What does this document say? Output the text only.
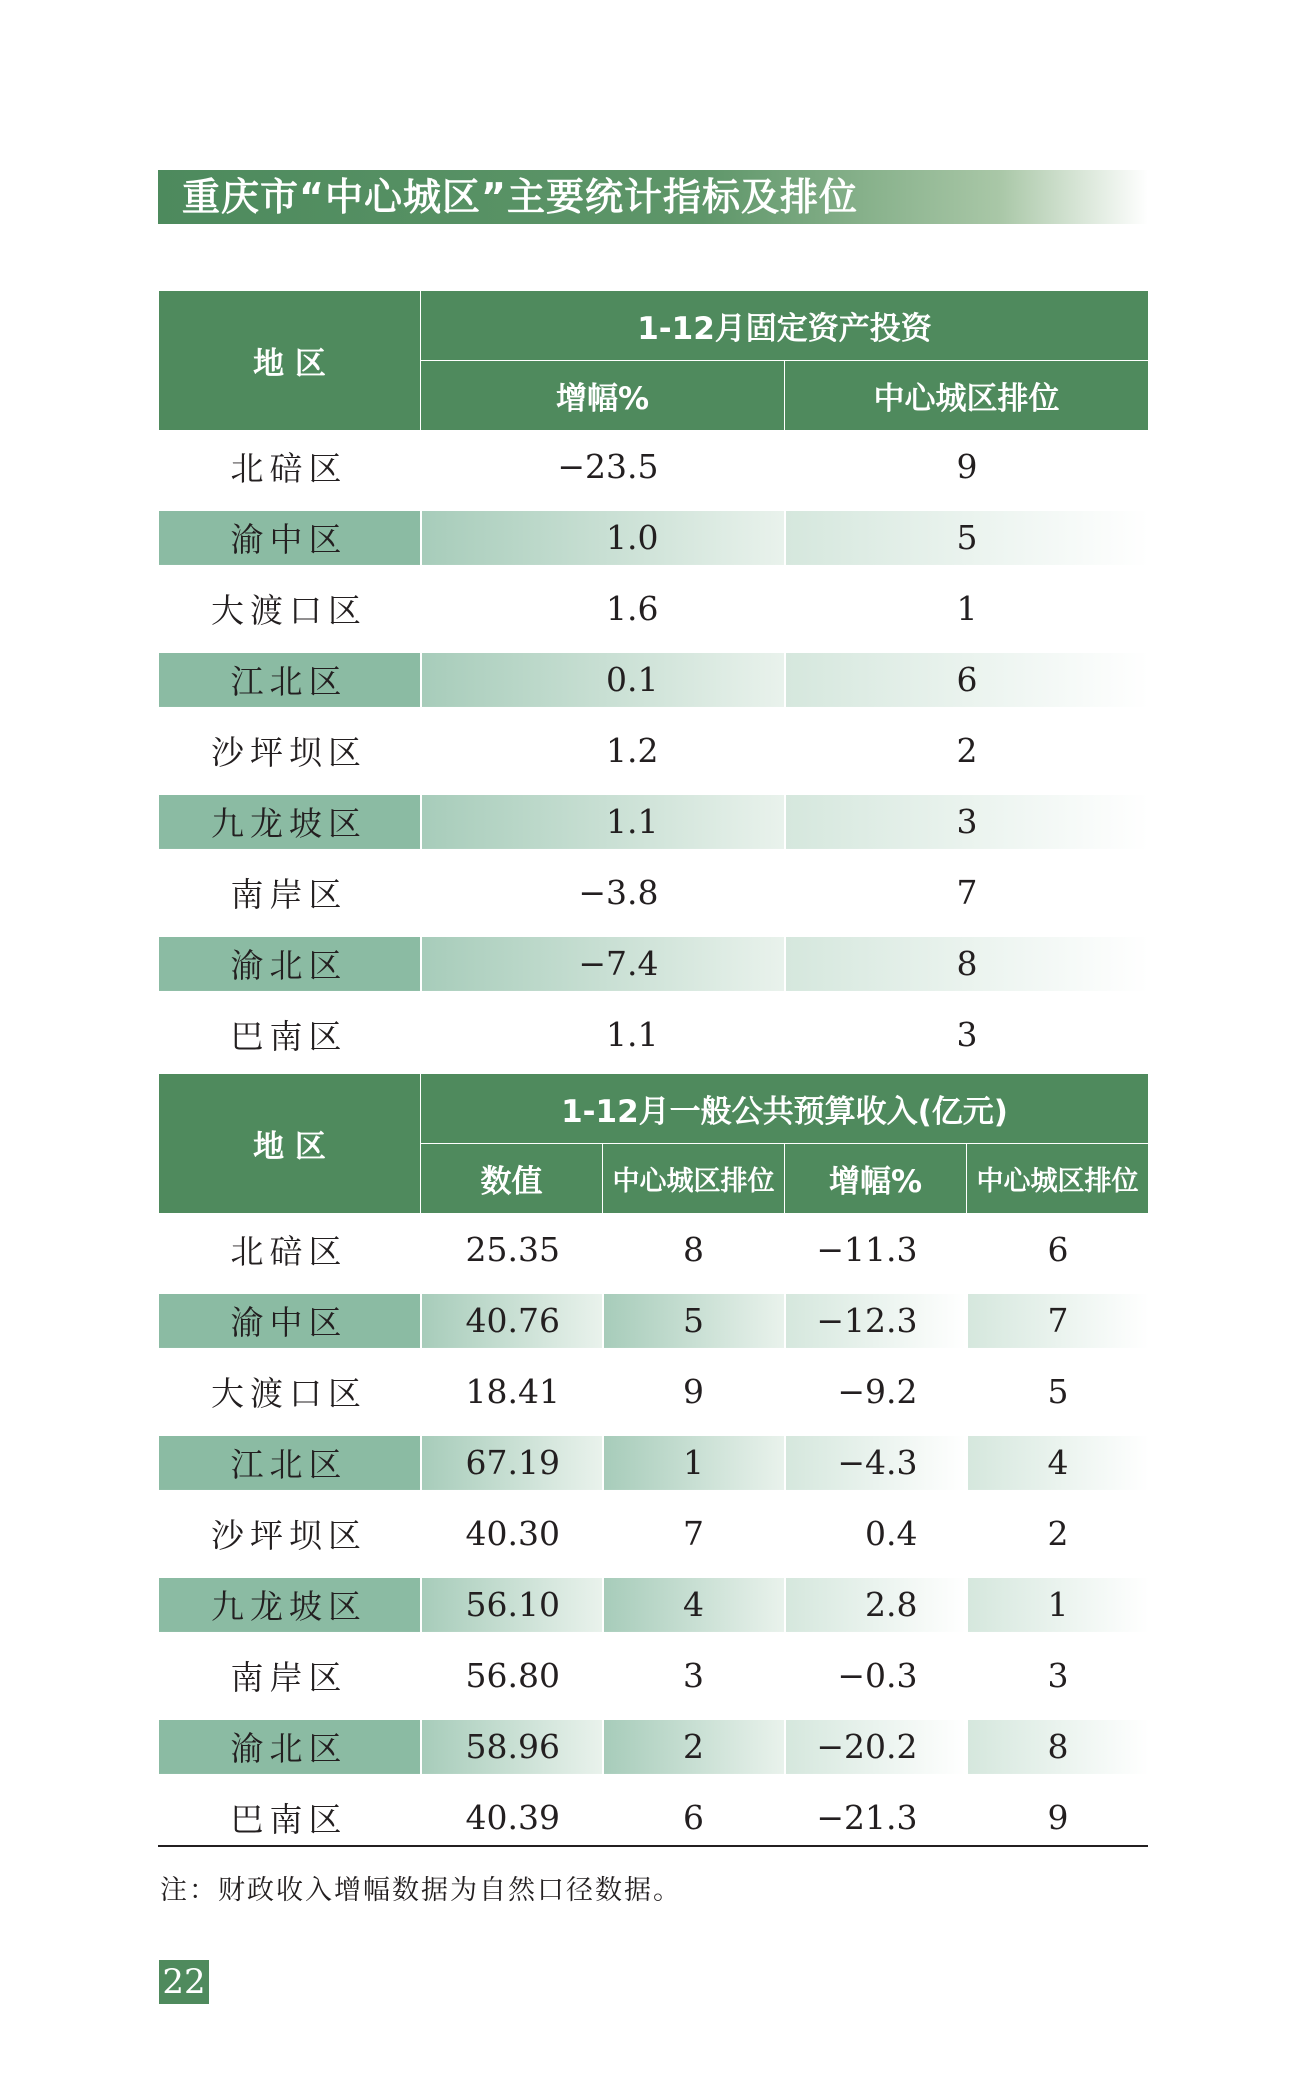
重庆市“中心城区”主要统计指标及排位
地 区	1-12月固定资产投资	
	增幅%	中心城区排位
北碚区	−23.5	9
渝中区	1.0	5
大渡口区	1.6	1
江北区	0.1	6
沙坪坝区	1.2	2
九龙坡区	1.1	3
南岸区	−3.8	7
渝北区	−7.4	8
巴南区	1.1	3
地 区	1-12月一般公共预算收入(亿元)			
	数值	中心城区排位	增幅%	中心城区排位
北碚区	25.35	8	−11.3	6
渝中区	40.76	5	−12.3	7
大渡口区	18.41	9	−9.2	5
江北区	67.19	1	−4.3	4
沙坪坝区	40.30	7	0.4	2
九龙坡区	56.10	4	2.8	1
南岸区	56.80	3	−0.3	3
渝北区	58.96	2	−20.2	8
巴南区	40.39	6	−21.3	9
注：财政收入增幅数据为自然口径数据。
22
